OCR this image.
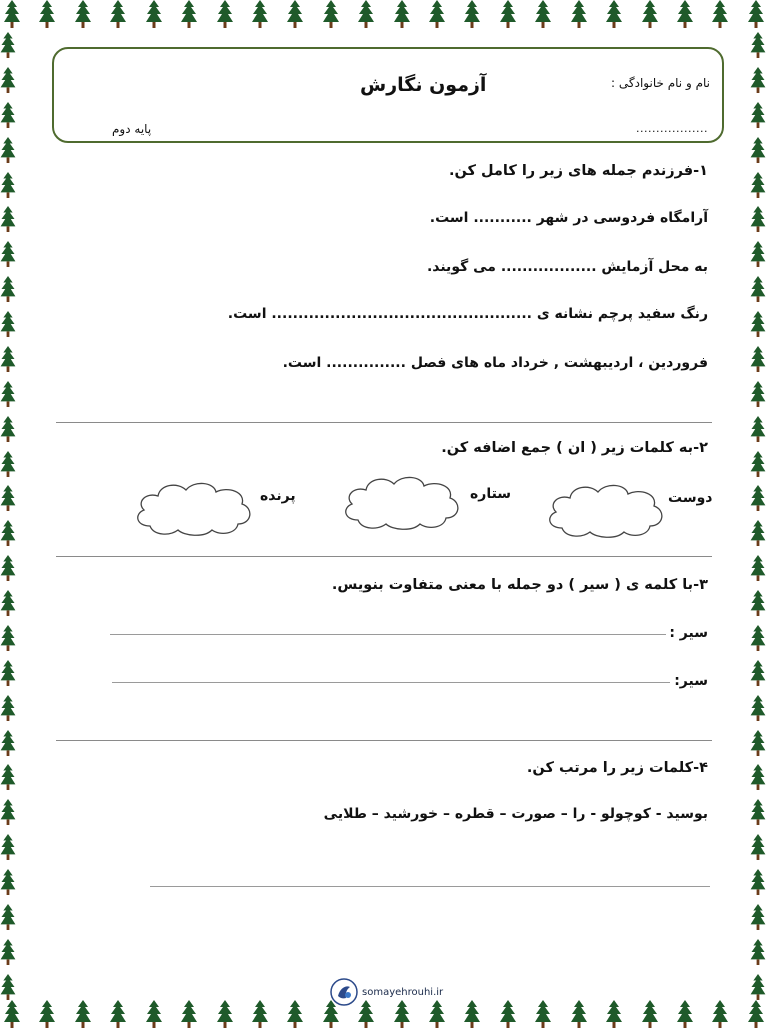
آزمون نگارش	نام و نام خانوادگی :
..................
پایه دوم
۱-فرزندم جمله های زیر را کامل کن.
آرامگاه فردوسی در شهر ........... است.
به محل آزمایش .................. می گویند.
رنگ سفید پرچم نشانه ی ................................................. است.
فروردین ، اردیبهشت , خرداد ماه های فصل ............... است.
۲-به کلمات زیر ( ان ) جمع اضافه کن.
دوست
ستاره
پرنده
۳-با کلمه ی ( سیر ) دو جمله با معنی متفاوت بنویس.
سیر :
سیر:
۴-کلمات زیر را مرتب کن.
بوسید - کوچولو - را – صورت – قطره – خورشید – طلایی
somayehrouhi.ir
